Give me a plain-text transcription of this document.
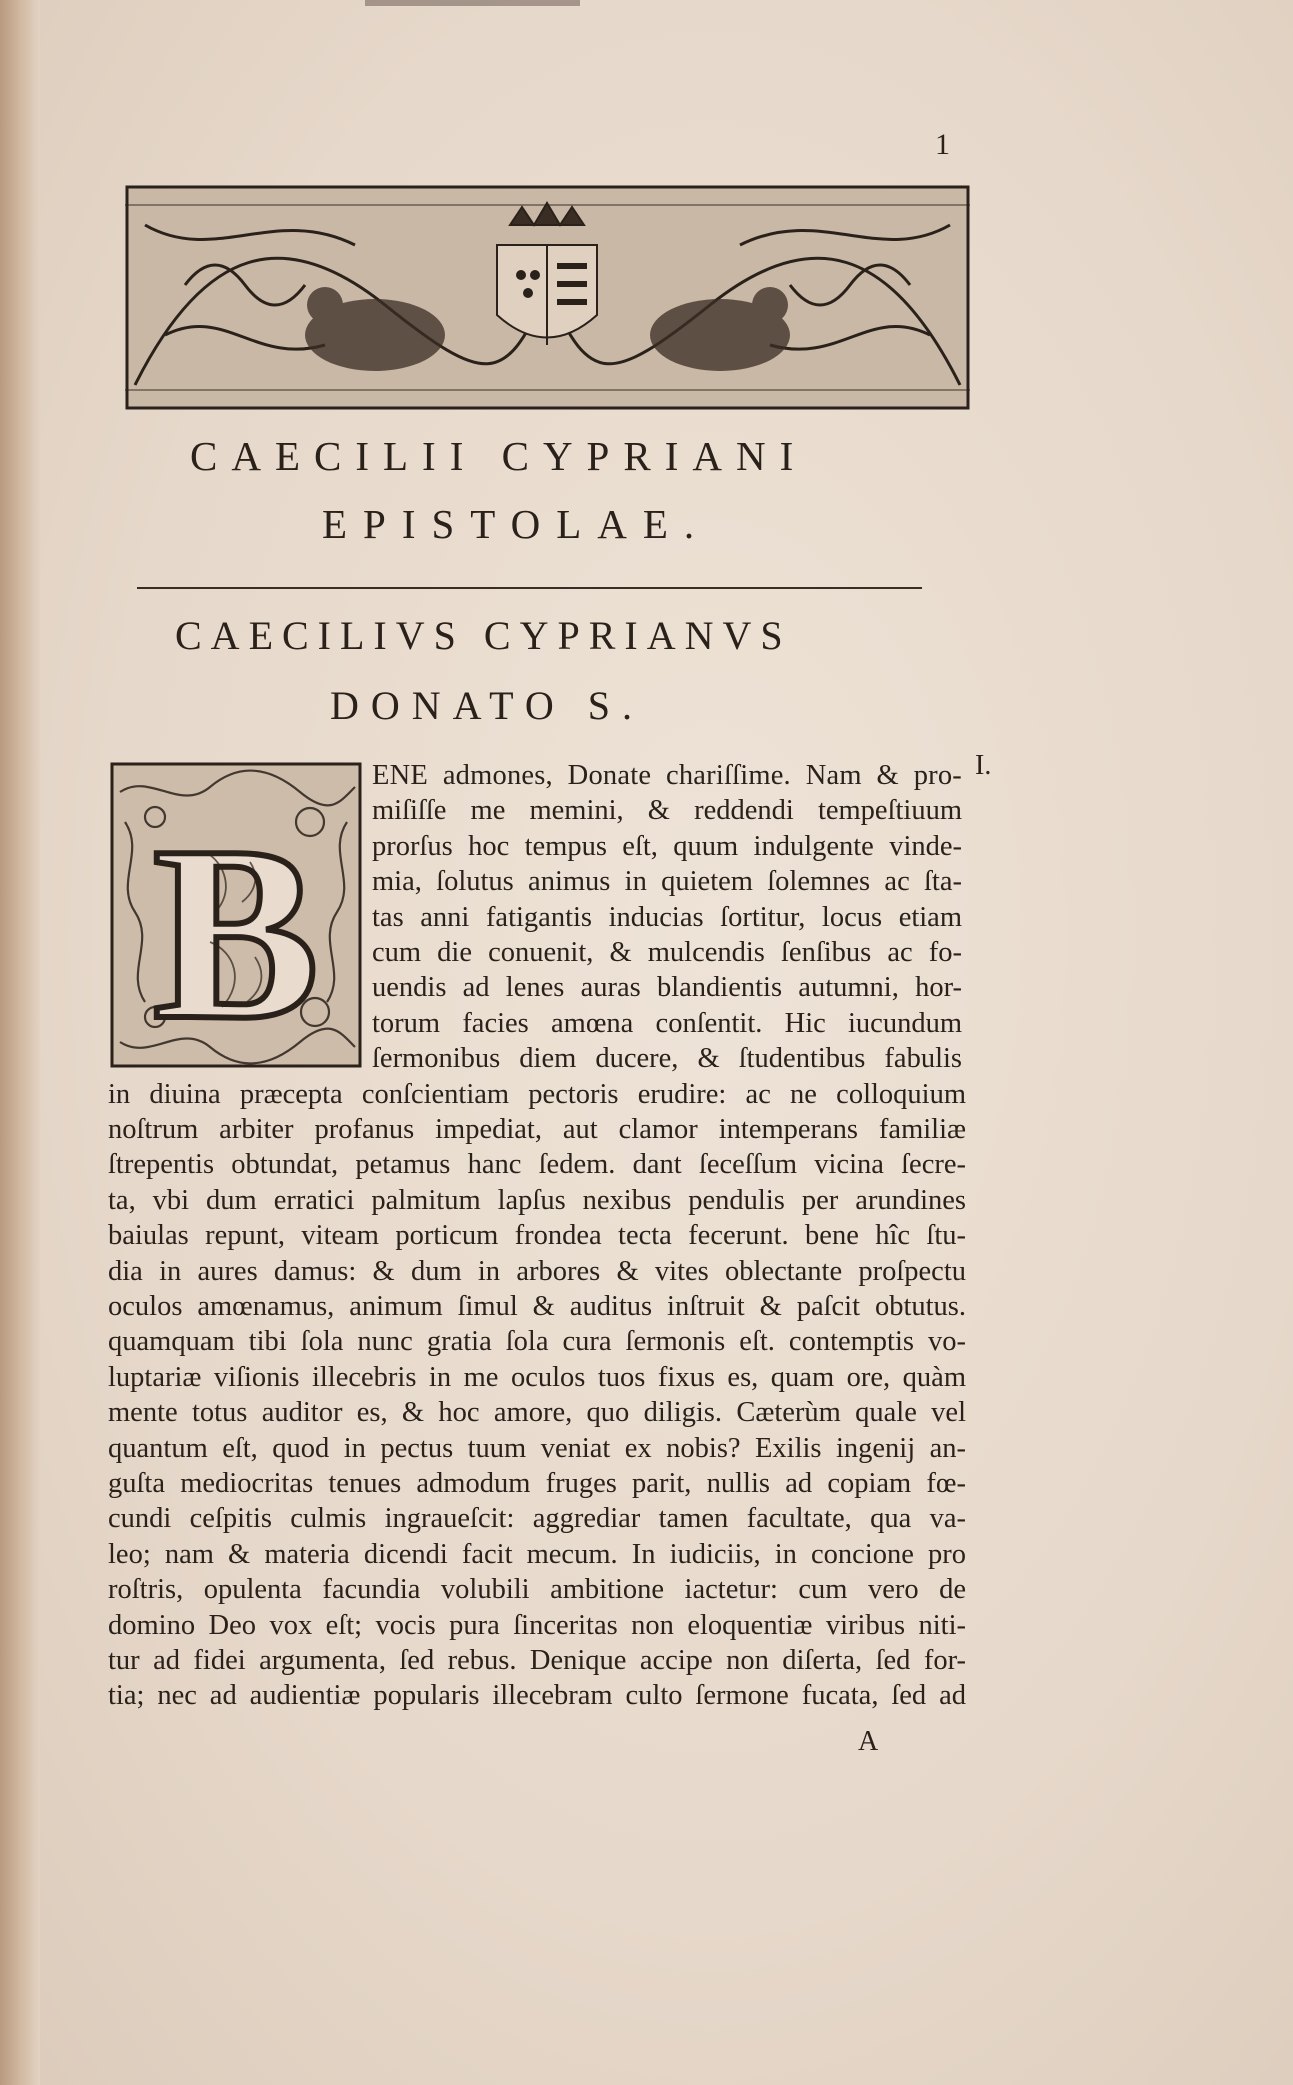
1
CAECILII CYPRIANI
EPISTOLAE.
CAECILIVS CYPRIANVS
DONATO S.
B
I.
ENE admones, Donate chariſſime. Nam & pro-
miſiſſe me memini, & reddendi tempeſtiuum
prorſus hoc tempus eſt, quum indulgente vinde-
mia, ſolutus animus in quietem ſolemnes ac ſta-
tas anni fatigantis inducias ſortitur, locus etiam
cum die conuenit, & mulcendis ſenſibus ac fo-
uendis ad lenes auras blandientis autumni, hor-
torum facies amœna conſentit. Hic iucundum
ſermonibus diem ducere, & ſtudentibus fabulis
in diuina præcepta conſcientiam pectoris erudire: ac ne colloquium
noſtrum arbiter profanus impediat, aut clamor intemperans familiæ
ſtrepentis obtundat, petamus hanc ſedem. dant ſeceſſum vicina ſecre-
ta, vbi dum erratici palmitum lapſus nexibus pendulis per arundines
baiulas repunt, viteam porticum frondea tecta fecerunt. bene hîc ſtu-
dia in aures damus: & dum in arbores & vites oblectante proſpectu
oculos amœnamus, animum ſimul & auditus inſtruit & paſcit obtutus.
quamquam tibi ſola nunc gratia ſola cura ſermonis eſt. contemptis vo-
luptariæ viſionis illecebris in me oculos tuos fixus es, quam ore, quàm
mente totus auditor es, & hoc amore, quo diligis. Cæterùm quale vel
quantum eſt, quod in pectus tuum veniat ex nobis? Exilis ingenij an-
guſta mediocritas tenues admodum fruges parit, nullis ad copiam fœ-
cundi ceſpitis culmis ingraueſcit: aggrediar tamen facultate, qua va-
leo; nam & materia dicendi facit mecum. In iudiciis, in concione pro
roſtris, opulenta facundia volubili ambitione iactetur: cum vero de
domino Deo vox eſt; vocis pura ſinceritas non eloquentiæ viribus niti-
tur ad fidei argumenta, ſed rebus. Denique accipe non diſerta, ſed for-
tia; nec ad audientiæ popularis illecebram culto ſermone fucata, ſed ad
A
